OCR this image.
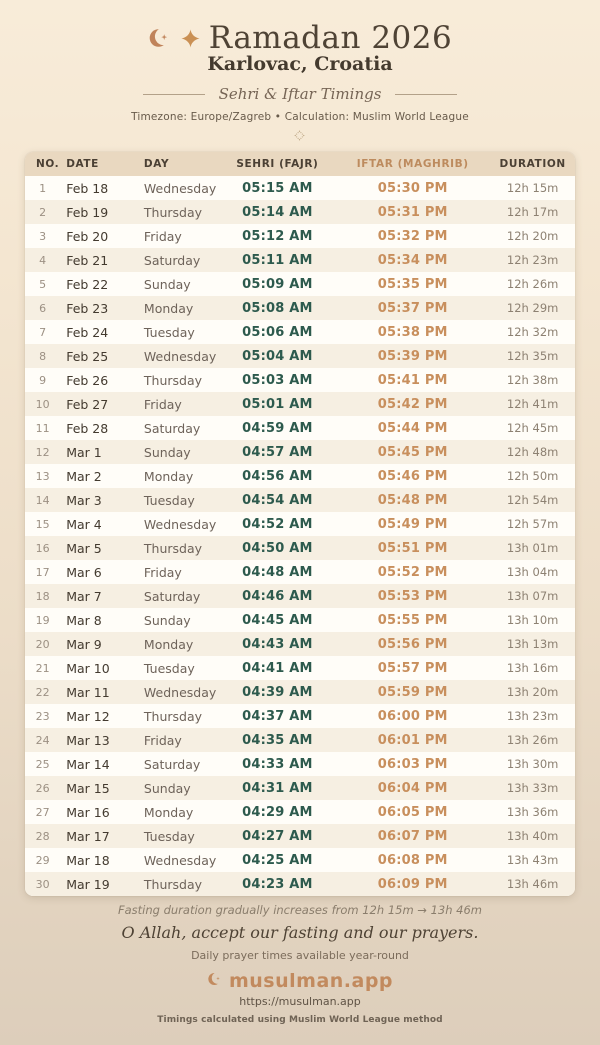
Ramadan 2026
Karlovac, Croatia
Sehri & Iftar Timings
Timezone: Europe/Zagreb • Calculation: Muslim World League
NO.	DATE	DAY	SEHRI (FAJR)	IFTAR (MAGHRIB)	DURATION
1	Feb 18	Wednesday	05:15 AM	05:30 PM	12h 15m
2	Feb 19	Thursday	05:14 AM	05:31 PM	12h 17m
3	Feb 20	Friday	05:12 AM	05:32 PM	12h 20m
4	Feb 21	Saturday	05:11 AM	05:34 PM	12h 23m
5	Feb 22	Sunday	05:09 AM	05:35 PM	12h 26m
6	Feb 23	Monday	05:08 AM	05:37 PM	12h 29m
7	Feb 24	Tuesday	05:06 AM	05:38 PM	12h 32m
8	Feb 25	Wednesday	05:04 AM	05:39 PM	12h 35m
9	Feb 26	Thursday	05:03 AM	05:41 PM	12h 38m
10	Feb 27	Friday	05:01 AM	05:42 PM	12h 41m
11	Feb 28	Saturday	04:59 AM	05:44 PM	12h 45m
12	Mar 1	Sunday	04:57 AM	05:45 PM	12h 48m
13	Mar 2	Monday	04:56 AM	05:46 PM	12h 50m
14	Mar 3	Tuesday	04:54 AM	05:48 PM	12h 54m
15	Mar 4	Wednesday	04:52 AM	05:49 PM	12h 57m
16	Mar 5	Thursday	04:50 AM	05:51 PM	13h 01m
17	Mar 6	Friday	04:48 AM	05:52 PM	13h 04m
18	Mar 7	Saturday	04:46 AM	05:53 PM	13h 07m
19	Mar 8	Sunday	04:45 AM	05:55 PM	13h 10m
20	Mar 9	Monday	04:43 AM	05:56 PM	13h 13m
21	Mar 10	Tuesday	04:41 AM	05:57 PM	13h 16m
22	Mar 11	Wednesday	04:39 AM	05:59 PM	13h 20m
23	Mar 12	Thursday	04:37 AM	06:00 PM	13h 23m
24	Mar 13	Friday	04:35 AM	06:01 PM	13h 26m
25	Mar 14	Saturday	04:33 AM	06:03 PM	13h 30m
26	Mar 15	Sunday	04:31 AM	06:04 PM	13h 33m
27	Mar 16	Monday	04:29 AM	06:05 PM	13h 36m
28	Mar 17	Tuesday	04:27 AM	06:07 PM	13h 40m
29	Mar 18	Wednesday	04:25 AM	06:08 PM	13h 43m
30	Mar 19	Thursday	04:23 AM	06:09 PM	13h 46m
Fasting duration gradually increases from 12h 15m → 13h 46m
O Allah, accept our fasting and our prayers.
Daily prayer times available year-round
musulman.app
https://musulman.app
Timings calculated using Muslim World League method
